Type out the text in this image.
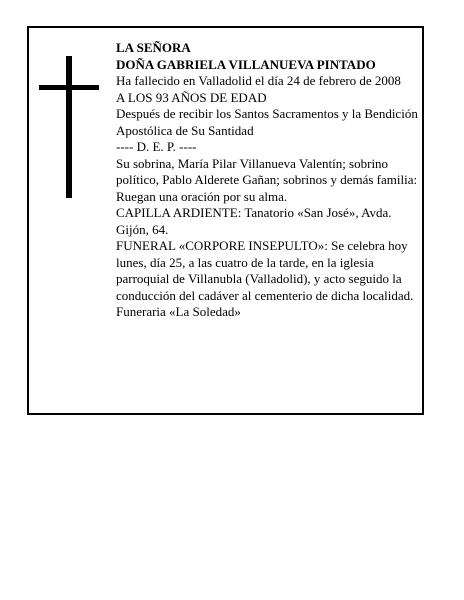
LA SEÑORA

DOÑA GABRIELA VILLANUEVA PINTADO

Ha fallecido en Valladolid el día 24 de febrero de 2008

A LOS 93 AÑOS DE EDAD

Después de recibir los Santos Sacramentos y la Bendición Apostólica de Su Santidad

---- D. E. P. ----

Su sobrina, María Pilar Villanueva Valentín; sobrino político, Pablo Alderete Gañan; sobrinos y demás familia:

Ruegan una oración por su alma.

CAPILLA ARDIENTE: Tanatorio «San José», Avda. Gijón, 64.

FUNERAL «CORPORE INSEPULTO»: Se celebra hoy lunes, día 25, a las cuatro de la tarde, en la iglesia parroquial de Villanubla (Valladolid), y acto seguido la conducción del cadáver al cementerio de dicha localidad.

Funeraria «La Soledad»
